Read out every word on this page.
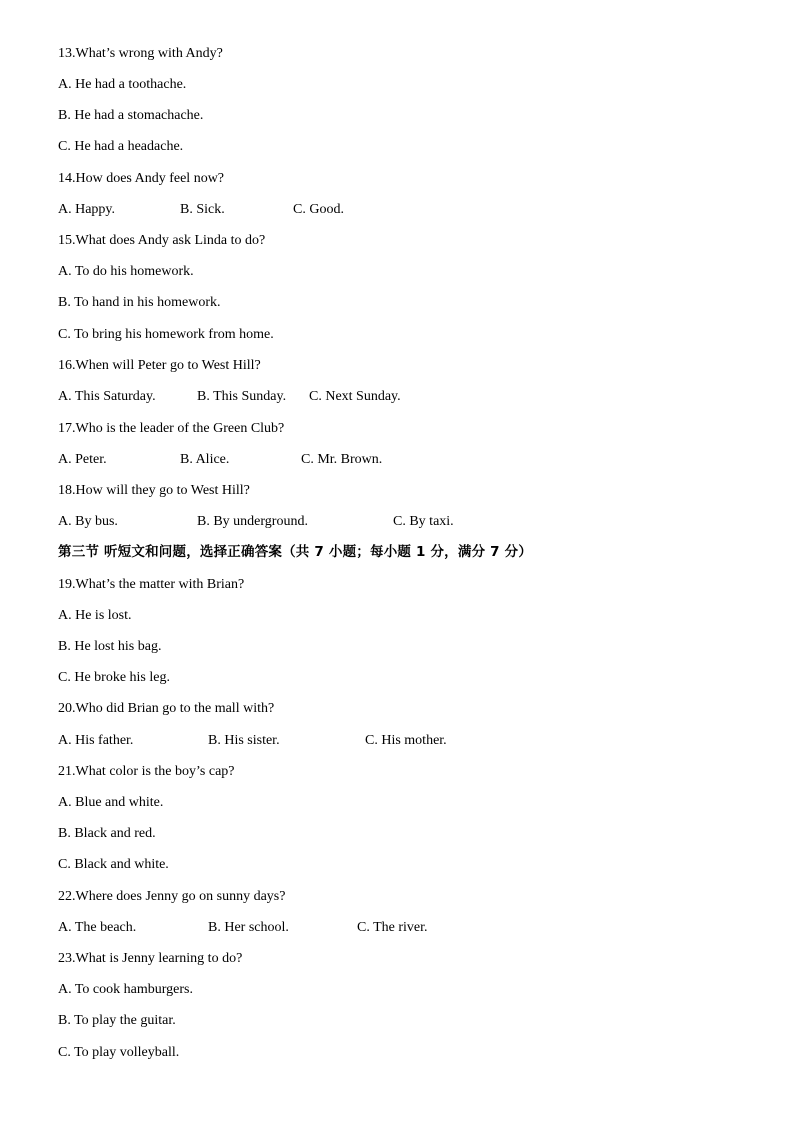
13.What’s wrong with Andy?
A. He had a toothache.
B. He had a stomachache.
C. He had a headache.
14.How does Andy feel now?
A. Happy.	B. Sick.	C. Good.
15.What does Andy ask Linda to do?
A. To do his homework.
B. To hand in his homework.
C. To bring his homework from home.
16.When will Peter go to West Hill?
A. This Saturday.	B. This Sunday. C. Next Sunday.
17.Who is the leader of the Green Club?
A. Peter.	B. Alice.	C. Mr. Brown.
18.How will they go to West Hill?
A. By bus.	B. By underground.	C. By taxi.
第三节 听短文和问题，选择正确答案（共 7 小题；每小题 1 分，满分 7 分）
19.What’s the matter with Brian?
A. He is lost.
B. He lost his bag.
C. He broke his leg.
20.Who did Brian go to the mall with?
A. His father.	B. His sister.	C. His mother.
21.What color is the boy’s cap?
A. Blue and white.
B. Black and red.
C. Black and white.
22.Where does Jenny go on sunny days?
A. The beach.	B. Her school.	C. The river.
23.What is Jenny learning to do?
A. To cook hamburgers.
B. To play the guitar.
C. To play volleyball.
